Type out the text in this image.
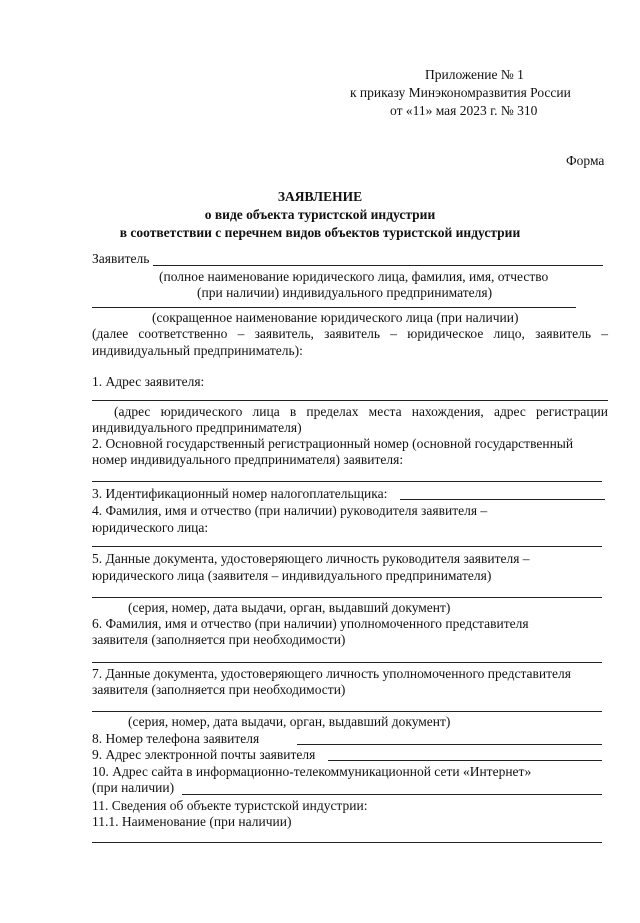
Приложение № 1
к приказу Минэкономразвития России
от «11» мая 2023 г. № 310
Форма
ЗАЯВЛЕНИЕ
о виде объекта туристской индустрии
в соответствии с перечнем видов объектов туристской индустрии
Заявитель
(полное наименование юридического лица, фамилия, имя, отчество
(при наличии) индивидуального предпринимателя)
(сокращенное наименование юридического лица (при наличии)
(далее соответственно – заявитель, заявитель – юридическое лицо, заявитель –
индивидуальный предприниматель):
1. Адрес заявителя:
(адрес юридического лица в пределах места нахождения, адрес регистрации
индивидуального предпринимателя)
2. Основной государственный регистрационный номер (основной государственный
номер индивидуального предпринимателя) заявителя:
3. Идентификационный номер налогоплательщика:
4. Фамилия, имя и отчество (при наличии) руководителя заявителя –
юридического лица:
5. Данные документа, удостоверяющего личность руководителя заявителя –
юридического лица (заявителя – индивидуального предпринимателя)
(серия, номер, дата выдачи, орган, выдавший документ)
6. Фамилия, имя и отчество (при наличии) уполномоченного представителя
заявителя (заполняется при необходимости)
7. Данные документа, удостоверяющего личность уполномоченного представителя
заявителя (заполняется при необходимости)
(серия, номер, дата выдачи, орган, выдавший документ)
8. Номер телефона заявителя
9. Адрес электронной почты заявителя
10. Адрес сайта в информационно-телекоммуникационной сети «Интернет»
(при наличии)
11. Сведения об объекте туристской индустрии:
11.1. Наименование (при наличии)
